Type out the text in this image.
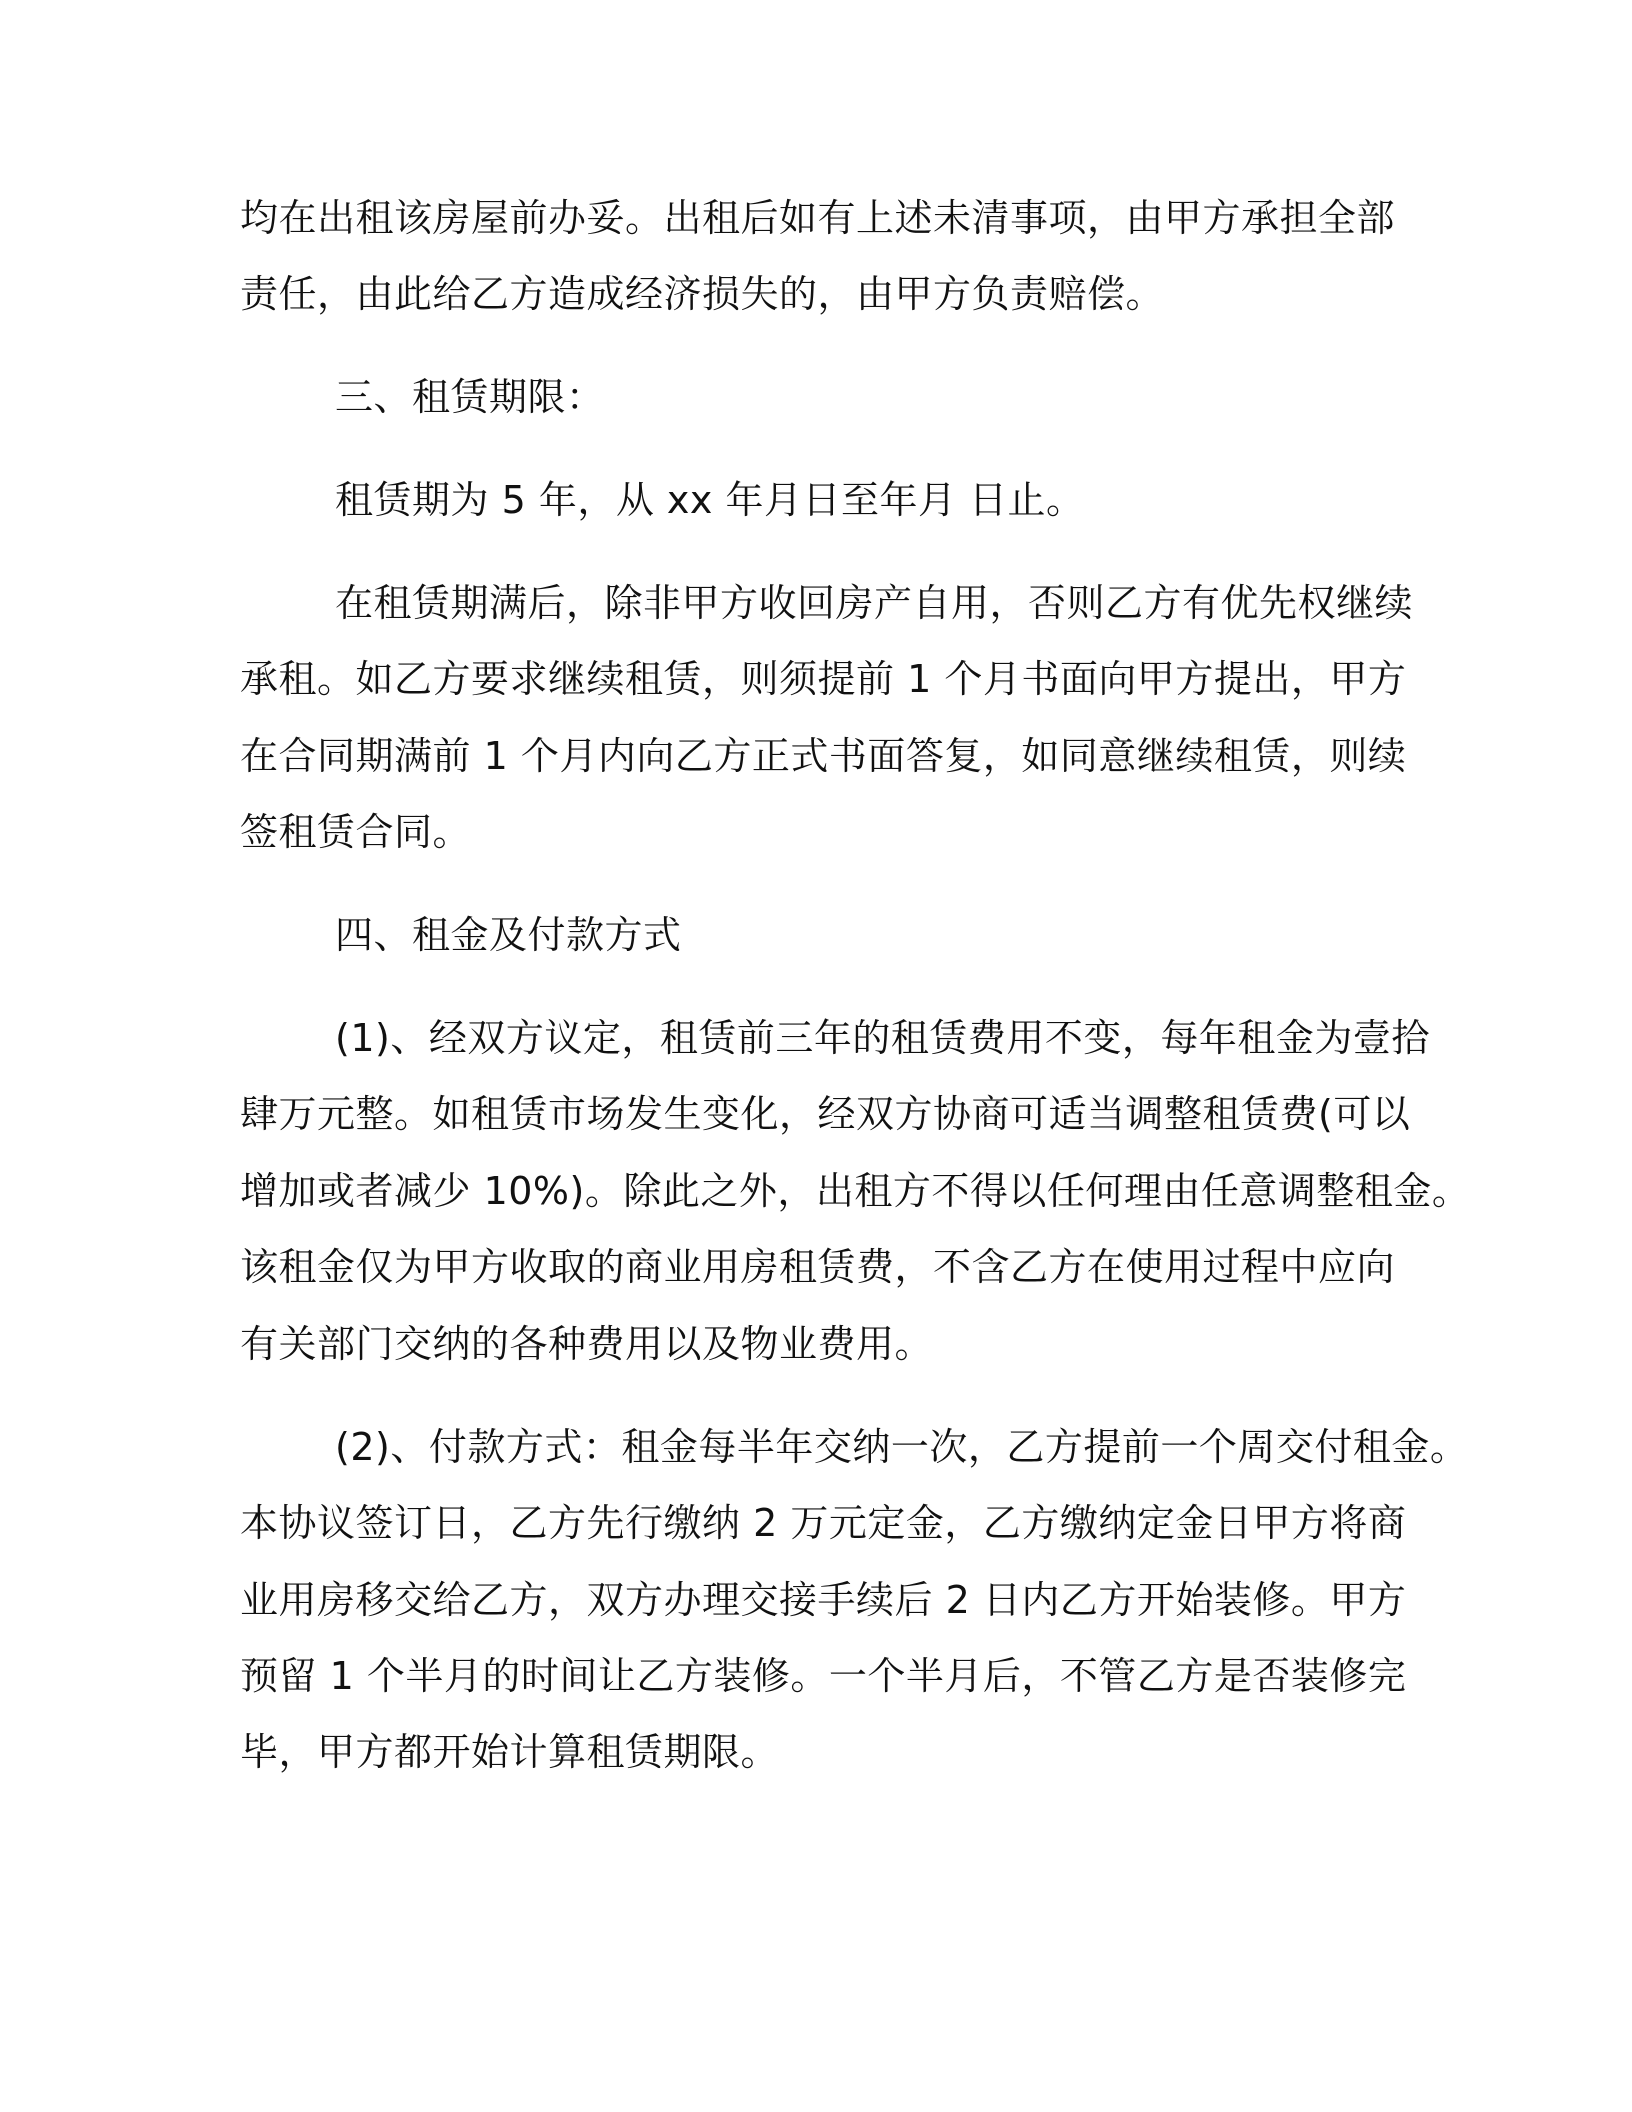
均在出租该房屋前办妥。出租后如有上述未清事项，由甲方承担全部
责任，由此给乙方造成经济损失的，由甲方负责赔偿。
三、租赁期限：
租赁期为 5 年，从 xx 年月日至年月 日止。
在租赁期满后，除非甲方收回房产自用，否则乙方有优先权继续
承租。如乙方要求继续租赁，则须提前 1 个月书面向甲方提出，甲方
在合同期满前 1 个月内向乙方正式书面答复，如同意继续租赁，则续
签租赁合同。
四、租金及付款方式
(1)、经双方议定，租赁前三年的租赁费用不变，每年租金为壹拾
肆万元整。如租赁市场发生变化，经双方协商可适当调整租赁费(可以
增加或者减少 10%)。除此之外，出租方不得以任何理由任意调整租金。
该租金仅为甲方收取的商业用房租赁费，不含乙方在使用过程中应向
有关部门交纳的各种费用以及物业费用。
(2)、付款方式：租金每半年交纳一次，乙方提前一个周交付租金。
本协议签订日，乙方先行缴纳 2 万元定金，乙方缴纳定金日甲方将商
业用房移交给乙方，双方办理交接手续后 2 日内乙方开始装修。甲方
预留 1 个半月的时间让乙方装修。一个半月后，不管乙方是否装修完
毕，甲方都开始计算租赁期限。
